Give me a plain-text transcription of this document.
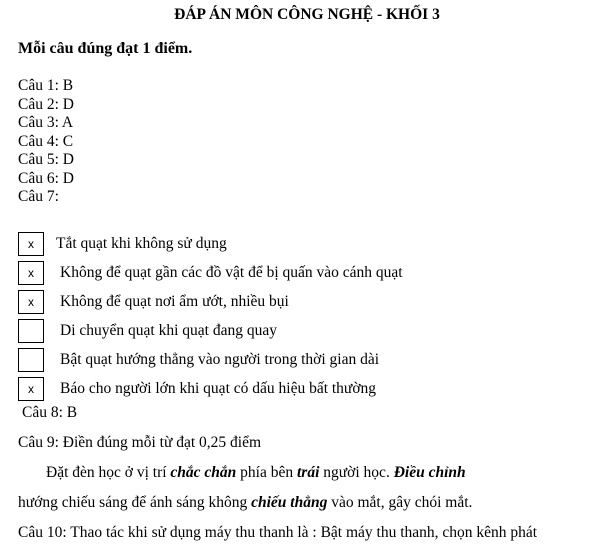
ĐÁP ÁN MÔN CÔNG NGHỆ - KHỐI 3
Mỗi câu đúng đạt 1 điểm.
Câu 1: B
Câu 2: D
Câu 3: A
Câu 4: C
Câu 5: D
Câu 6: D
Câu 7:
x	Tắt quạt khi không sử dụng
x	Không để quạt gần các đồ vật để bị quấn vào cánh quạt
x	Không để quạt nơi ẩm ướt, nhiều bụi
Di chuyển quạt khi quạt đang quay
Bật quạt hướng thẳng vào người trong thời gian dài
x	Báo cho người lớn khi quạt có dấu hiệu bất thường
Câu 8: B
Câu 9: Điền đúng mỗi từ đạt 0,25 điểm
Đặt đèn học ở vị trí chắc chắn phía bên trái người học. Điều chỉnh
hướng chiếu sáng để ánh sáng không chiếu thẳng vào mắt, gây chói mắt.
Câu 10: Thao tác khi sử dụng máy thu thanh là : Bật máy thu thanh, chọn kênh phát
